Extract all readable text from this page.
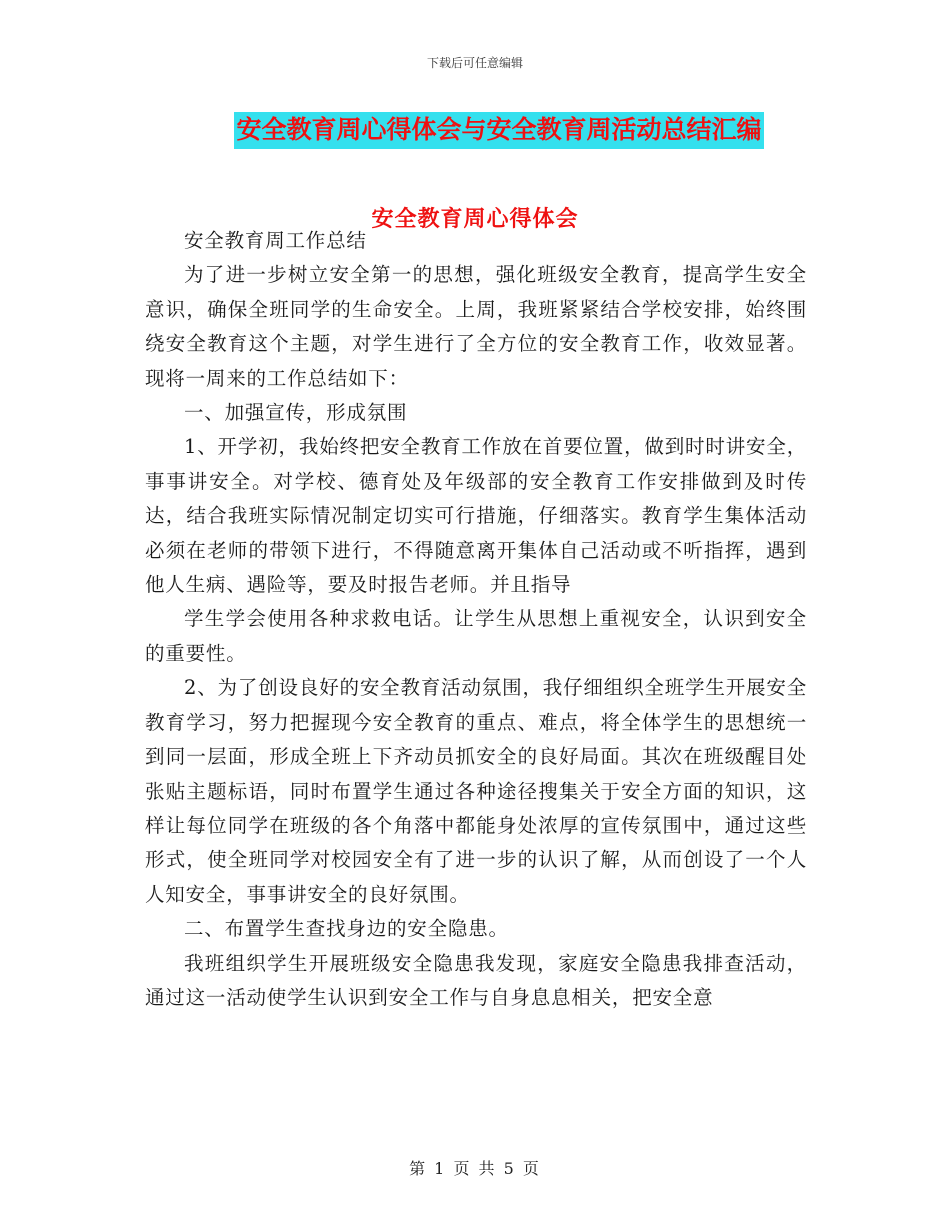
下载后可任意编辑
安全教育周心得体会与安全教育周活动总结汇编
安全教育周心得体会

安全教育周工作总结

为了进一步树立安全第一的思想，强化班级安全教育，提高学生安全意识，确保全班同学的生命安全。上周，我班紧紧结合学校安排，始终围绕安全教育这个主题，对学生进行了全方位的安全教育工作，收效显著。现将一周来的工作总结如下：

一、加强宣传，形成氛围

1、开学初，我始终把安全教育工作放在首要位置，做到时时讲安全，事事讲安全。对学校、德育处及年级部的安全教育工作安排做到及时传达，结合我班实际情况制定切实可行措施，仔细落实。教育学生集体活动必须在老师的带领下进行，不得随意离开集体自己活动或不听指挥，遇到他人生病、遇险等，要及时报告老师。并且指导

学生学会使用各种求救电话。让学生从思想上重视安全，认识到安全的重要性。

2、为了创设良好的安全教育活动氛围，我仔细组织全班学生开展安全教育学习，努力把握现今安全教育的重点、难点，将全体学生的思想统一到同一层面，形成全班上下齐动员抓安全的良好局面。其次在班级醒目处张贴主题标语，同时布置学生通过各种途径搜集关于安全方面的知识，这样让每位同学在班级的各个角落中都能身处浓厚的宣传氛围中，通过这些形式，使全班同学对校园安全有了进一步的认识了解，从而创设了一个人人知安全，事事讲安全的良好氛围。

二、布置学生查找身边的安全隐患。

我班组织学生开展班级安全隐患我发现，家庭安全隐患我排查活动，通过这一活动使学生认识到安全工作与自身息息相关，把安全意

第 1 页 共 5 页
